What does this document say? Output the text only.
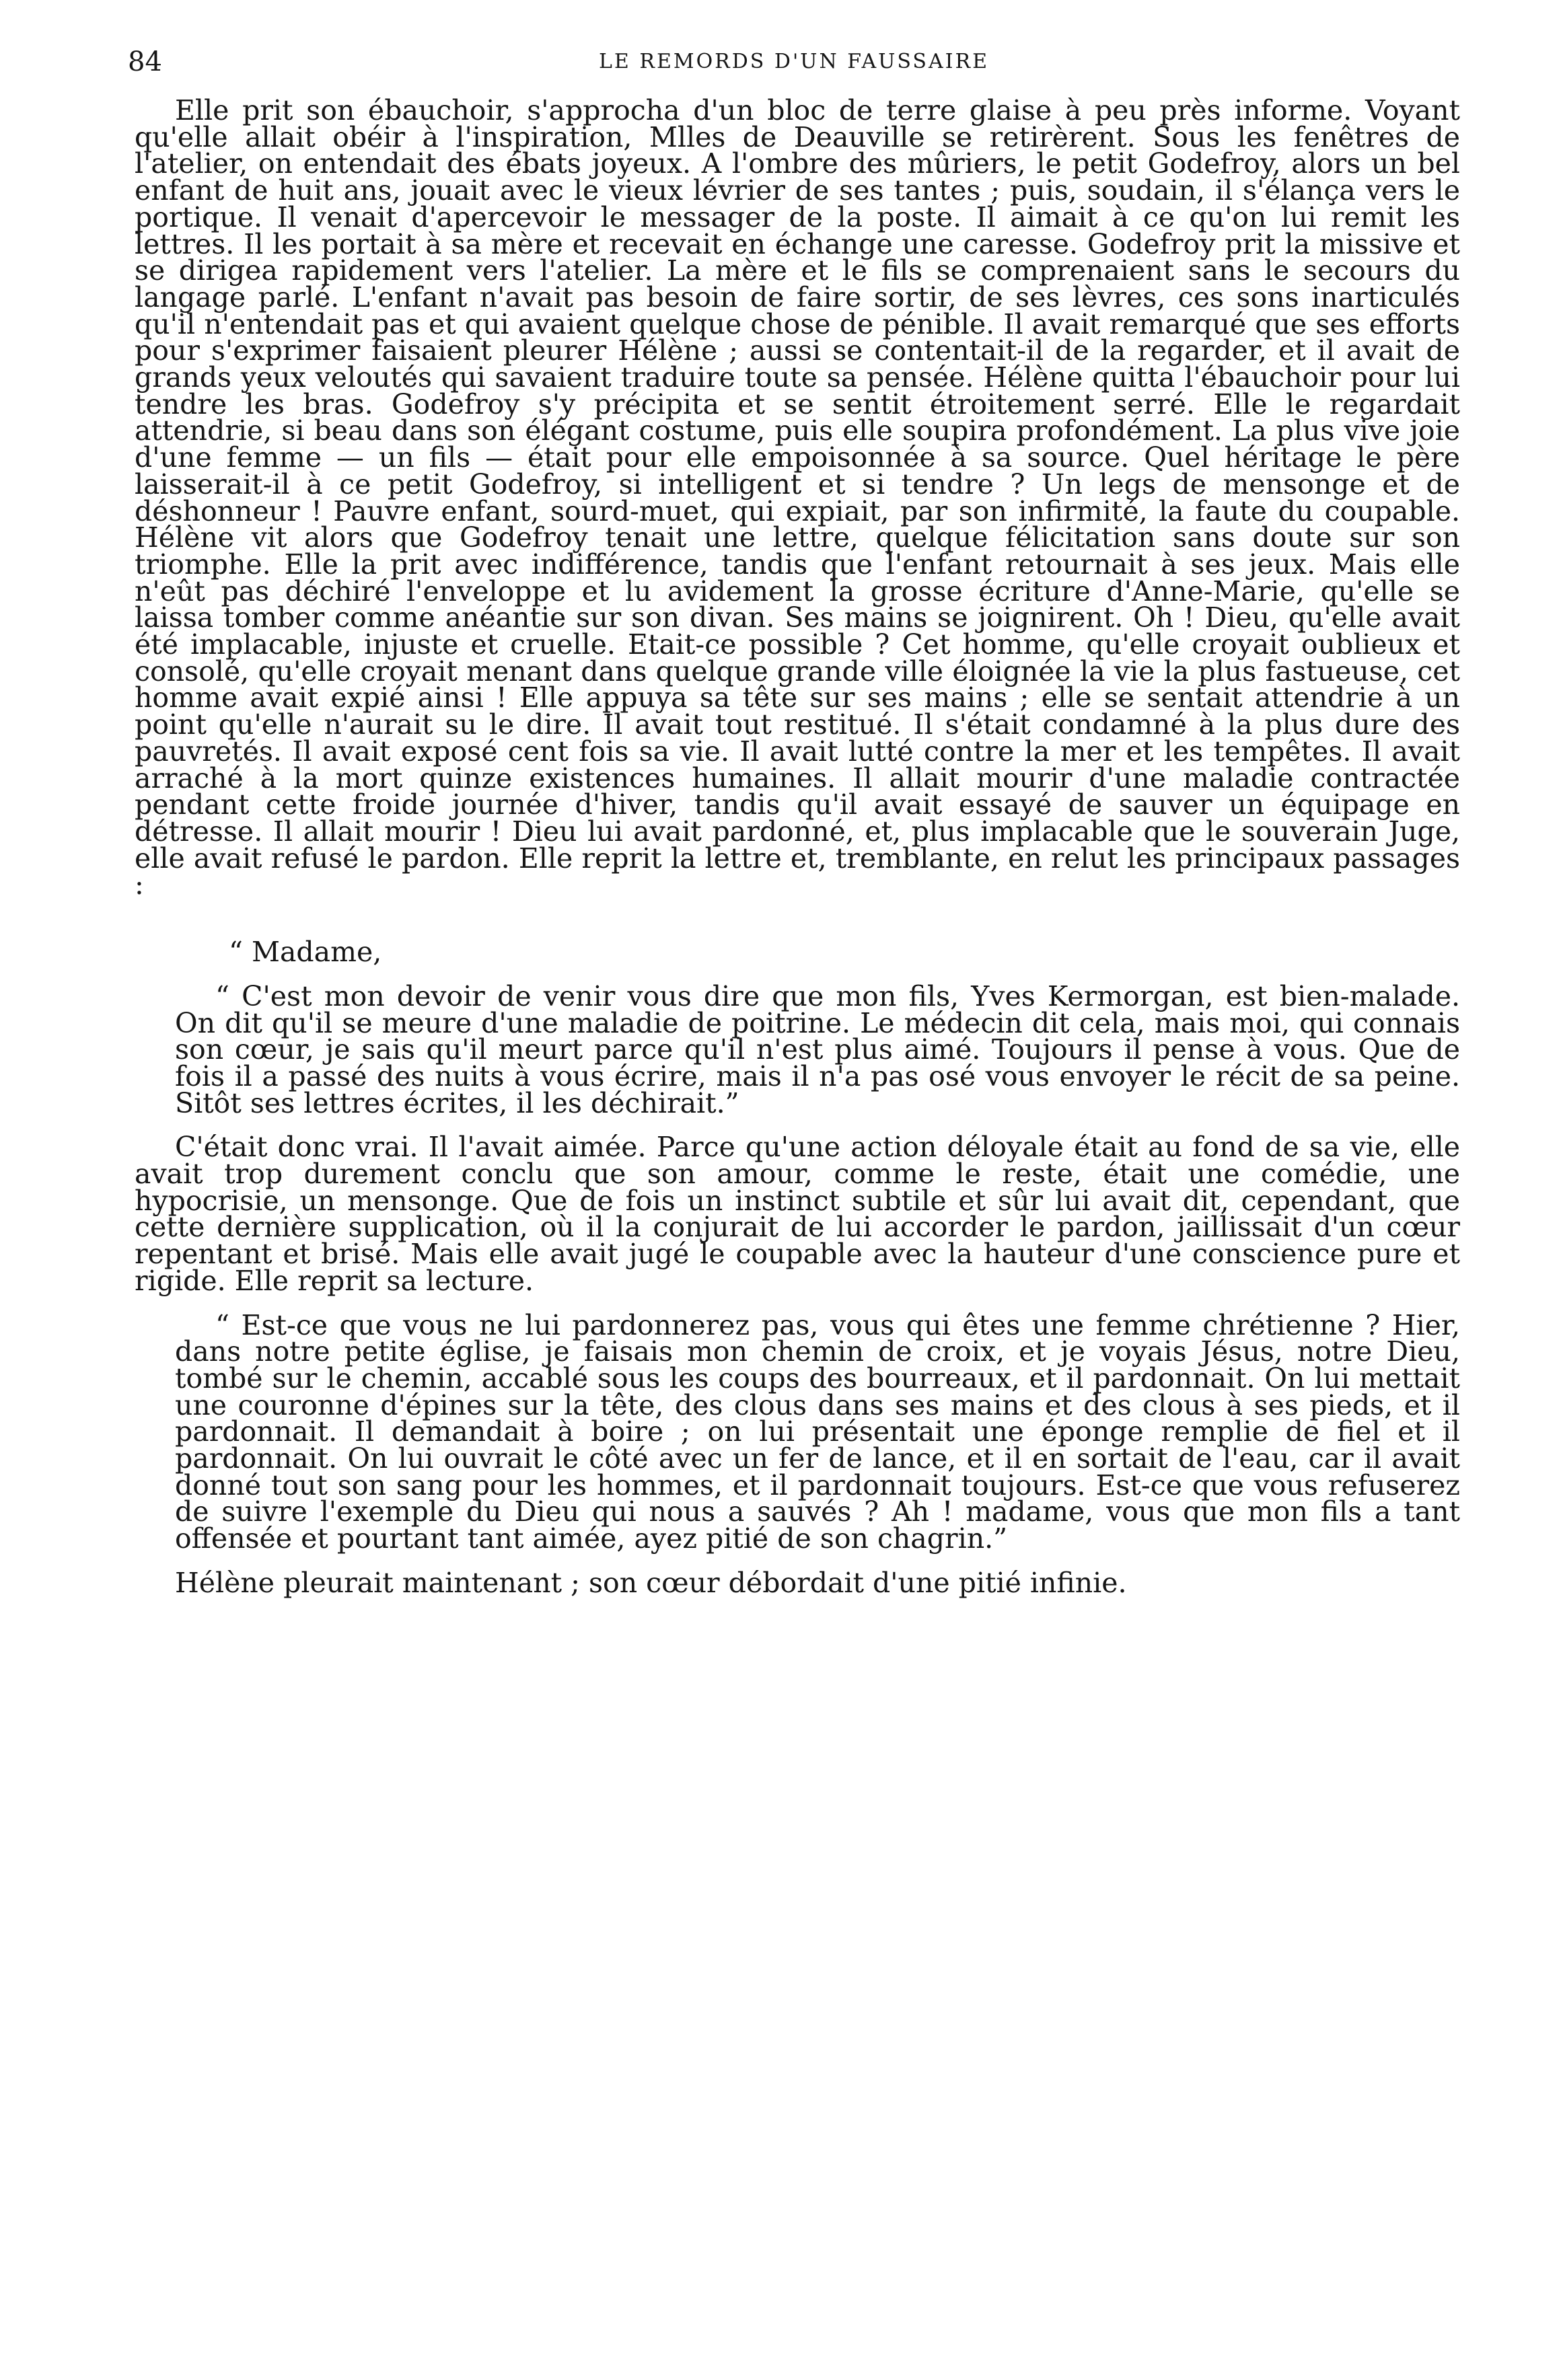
84	LE REMORDS D'UN FAUSSAIRE

Elle prit son ébauchoir, s'approcha d'un bloc de terre glaise à peu près informe. Voyant qu'elle allait obéir à l'inspiration, Mlles de Deauville se retirèrent. Sous les fenêtres de l'atelier, on entendait des ébats joyeux. A l'ombre des mûriers, le petit Godefroy, alors un bel enfant de huit ans, jouait avec le vieux lévrier de ses tantes ; puis, soudain, il s'élança vers le portique. Il venait d'apercevoir le messager de la poste. Il aimait à ce qu'on lui remit les lettres. Il les portait à sa mère et recevait en échange une caresse. Godefroy prit la missive et se dirigea rapidement vers l'atelier. La mère et le fils se comprenaient sans le secours du langage parlé. L'enfant n'avait pas besoin de faire sortir, de ses lèvres, ces sons inarticulés qu'il n'entendait pas et qui avaient quelque chose de pénible. Il avait remarqué que ses efforts pour s'exprimer faisaient pleurer Hélène ; aussi se contentait-il de la regarder, et il avait de grands yeux veloutés qui savaient traduire toute sa pensée. Hélène quitta l'ébauchoir pour lui tendre les bras. Godefroy s'y précipita et se sentit étroitement serré. Elle le regardait attendrie, si beau dans son élégant costume, puis elle soupira profondément. La plus vive joie d'une femme — un fils — était pour elle empoisonnée à sa source. Quel héritage le père laisserait-il à ce petit Godefroy, si intelligent et si tendre ? Un legs de mensonge et de déshonneur ! Pauvre enfant, sourd-muet, qui expiait, par son infirmité, la faute du coupable. Hélène vit alors que Godefroy tenait une lettre, quelque félicitation sans doute sur son triomphe. Elle la prit avec indifférence, tandis que l'enfant retournait à ses jeux. Mais elle n'eût pas déchiré l'enveloppe et lu avidement la grosse écriture d'Anne-Marie, qu'elle se laissa tomber comme anéantie sur son divan. Ses mains se joignirent. Oh ! Dieu, qu'elle avait été implacable, injuste et cruelle. Etait-ce possible ? Cet homme, qu'elle croyait oublieux et consolé, qu'elle croyait menant dans quelque grande ville éloignée la vie la plus fastueuse, cet homme avait expié ainsi ! Elle appuya sa tête sur ses mains ; elle se sentait attendrie à un point qu'elle n'aurait su le dire. Il avait tout restitué. Il s'était condamné à la plus dure des pauvretés. Il avait exposé cent fois sa vie. Il avait lutté contre la mer et les tempêtes. Il avait arraché à la mort quinze existences humaines. Il allait mourir d'une maladie contractée pendant cette froide journée d'hiver, tandis qu'il avait essayé de sauver un équipage en détresse. Il allait mourir ! Dieu lui avait pardonné, et, plus implacable que le souverain Juge, elle avait refusé le pardon. Elle reprit la lettre et, tremblante, en relut les principaux passages :

“ Madame,

“ C'est mon devoir de venir vous dire que mon fils, Yves Kermorgan, est bien-malade. On dit qu'il se meure d'une maladie de poitrine. Le médecin dit cela, mais moi, qui connais son cœur, je sais qu'il meurt parce qu'il n'est plus aimé. Toujours il pense à vous. Que de fois il a passé des nuits à vous écrire, mais il n'a pas osé vous envoyer le récit de sa peine. Sitôt ses lettres écrites, il les déchirait.”

C'était donc vrai. Il l'avait aimée. Parce qu'une action déloyale était au fond de sa vie, elle avait trop durement conclu que son amour, comme le reste, était une comédie, une hypocrisie, un mensonge. Que de fois un instinct subtile et sûr lui avait dit, cependant, que cette dernière supplication, où il la conjurait de lui accorder le pardon, jaillissait d'un cœur repentant et brisé. Mais elle avait jugé le coupable avec la hauteur d'une conscience pure et rigide. Elle reprit sa lecture.

“ Est-ce que vous ne lui pardonnerez pas, vous qui êtes une femme chrétienne ? Hier, dans notre petite église, je faisais mon chemin de croix, et je voyais Jésus, notre Dieu, tombé sur le chemin, accablé sous les coups des bourreaux, et il pardonnait. On lui mettait une couronne d'épines sur la tête, des clous dans ses mains et des clous à ses pieds, et il pardonnait. Il demandait à boire ; on lui présentait une éponge remplie de fiel et il pardonnait. On lui ouvrait le côté avec un fer de lance, et il en sortait de l'eau, car il avait donné tout son sang pour les hommes, et il pardonnait toujours. Est-ce que vous refuserez de suivre l'exemple du Dieu qui nous a sauvés ? Ah ! madame, vous que mon fils a tant offensée et pourtant tant aimée, ayez pitié de son chagrin.”

Hélène pleurait maintenant ; son cœur débordait d'une pitié infinie.
